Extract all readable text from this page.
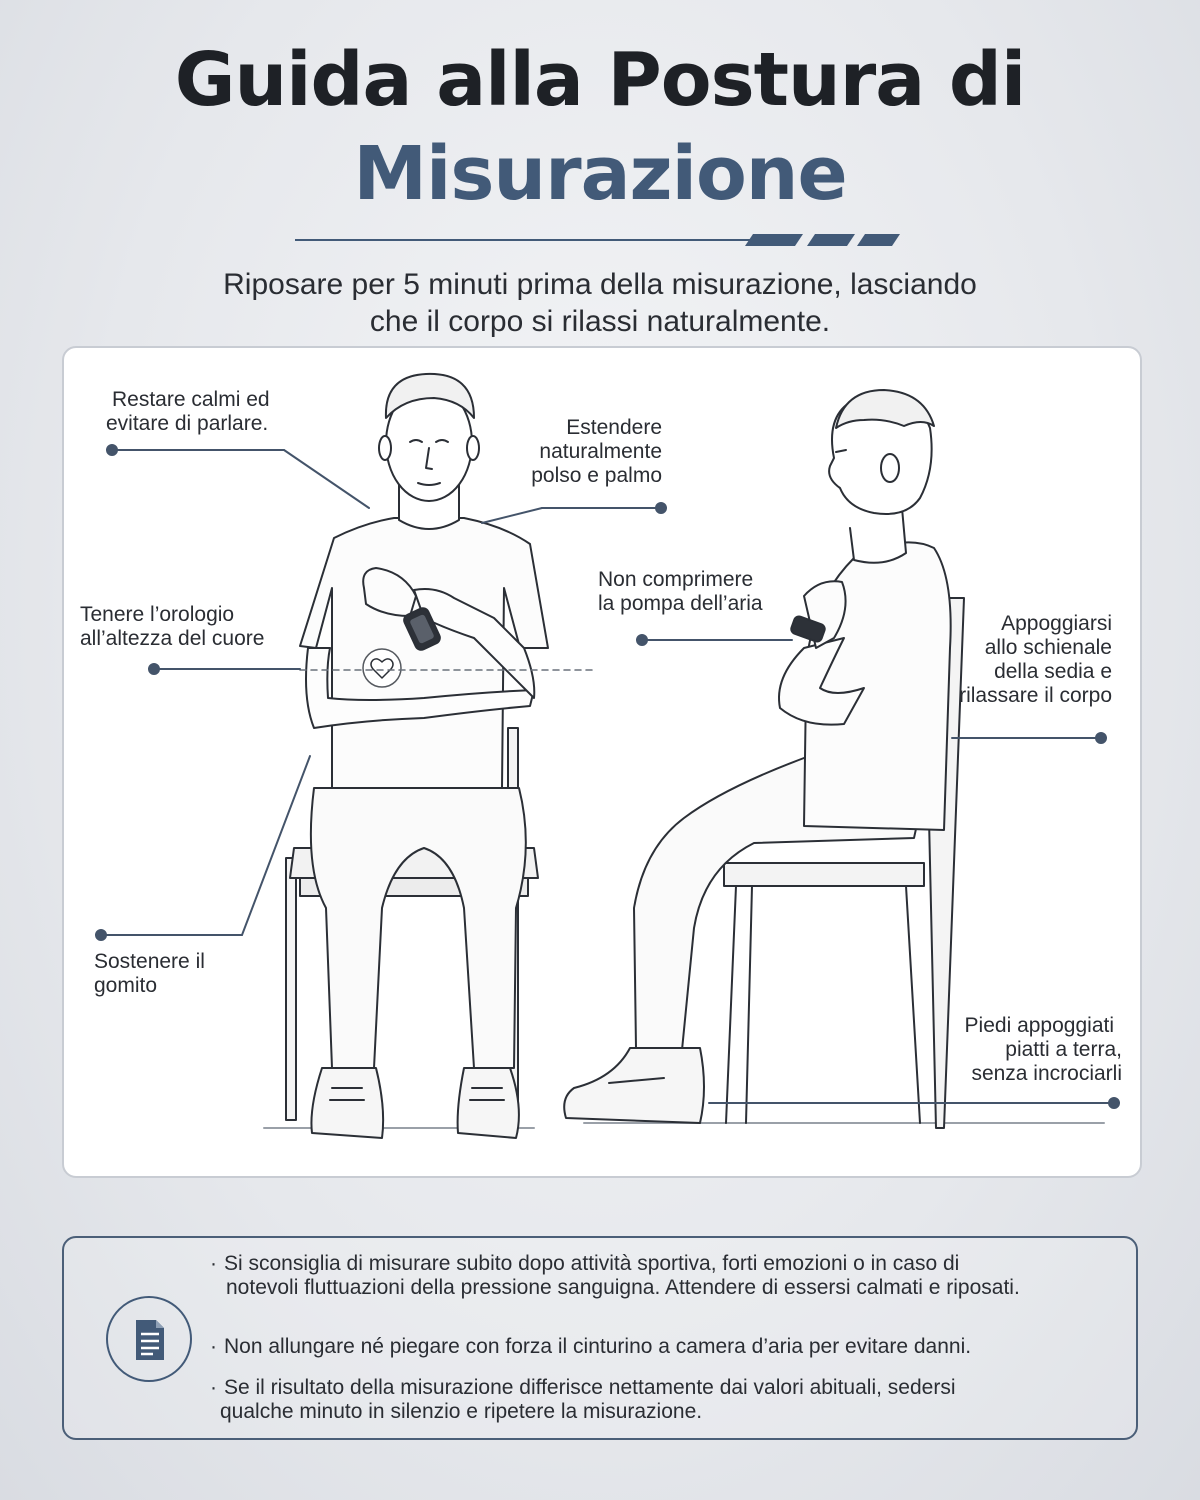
Guida alla Postura di
Misurazione
Riposare per 5 minuti prima della misurazione, lasciando
che il corpo si rilassi naturalmente.
Restare calmi ed
evitare di parlare.	Estendere
naturalmente
polso e palmo
Tenere l’orologio
all’altezza del cuore
Sostenere il
gomito
Non comprimere
la pompa dell’aria
Appoggiarsi
allo schienale
della sedia e
rilassare il corpo
Piedi appoggiati
piatti a terra,
senza incrociarli
· Si sconsiglia di misurare subito dopo attività sportiva, forti emozioni o in caso di
notevoli fluttuazioni della pressione sanguigna. Attendere di essersi calmati e riposati.
· Non allungare né piegare con forza il cinturino a camera d’aria per evitare danni.
· Se il risultato della misurazione differisce nettamente dai valori abituali, sedersi
qualche minuto in silenzio e ripetere la misurazione.
